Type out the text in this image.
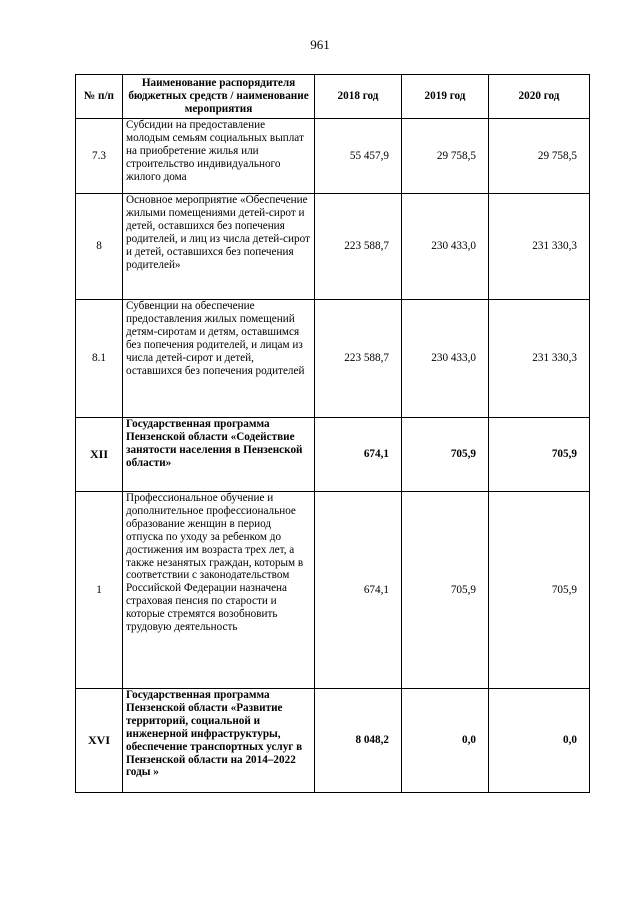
961
№ п/п	Наименование распорядителя бюджетных средств / наименование мероприятия	2018 год	2019 год	2020 год
7.3	Субсидии на предоставление молодым семьям социальных выплат на приобретение жилья или строительство индивидуального жилого дома	55 457,9	29 758,5	29 758,5
8	Основное мероприятие «Обеспечение жилыми помещениями детей-сирот и детей, оставшихся без попечения родителей, и лиц из числа детей-сирот и детей, оставшихся без попечения родителей»	223 588,7	230 433,0	231 330,3
8.1	Субвенции на обеспечение предоставления жилых помещений детям-сиротам и детям, оставшимся без попечения родителей, и лицам из числа детей-сирот и детей, оставшихся без попечения родителей	223 588,7	230 433,0	231 330,3
XII	Государственная программа Пензенской области «Содействие занятости населения в Пензенской области»	674,1	705,9	705,9
1	Профессиональное обучение и дополнительное профессиональное образование женщин в период отпуска по уходу за ребенком до достижения им возраста трех лет, а также незанятых граждан, которым в соответствии с законодательством Российской Федерации назначена страховая пенсия по старости и которые стремятся возобновить трудовую деятельность	674,1	705,9	705,9
XVI	Государственная программа Пензенской области «Развитие территорий, социальной и инженерной инфраструктуры, обеспечение транспортных услуг в Пензенской области на 2014–2022 годы »	8 048,2	0,0	0,0
